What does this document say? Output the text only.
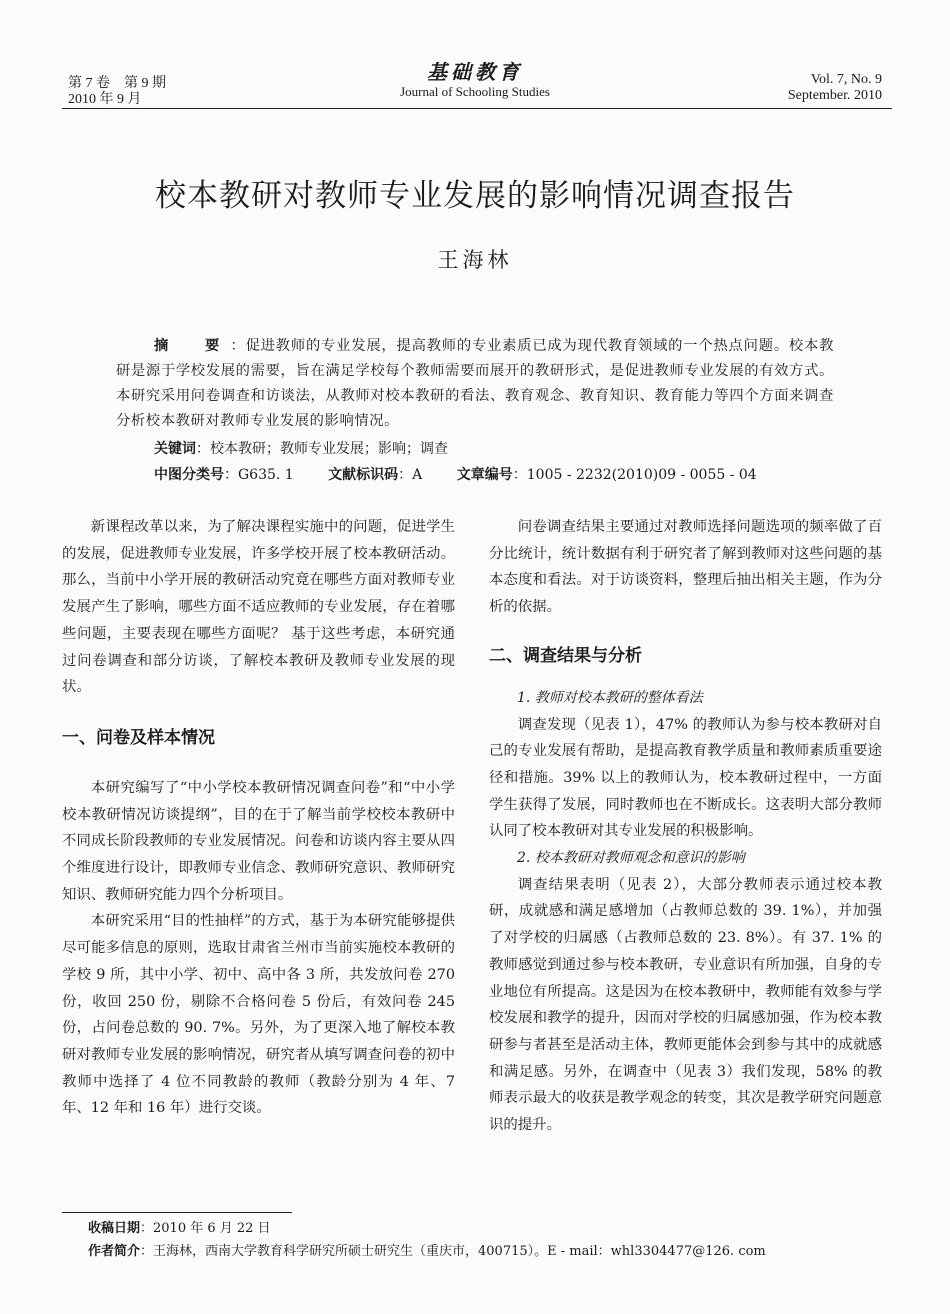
第 7 卷　第 9 期
2010 年 9 月
基础教育
Journal of Schooling Studies
Vol. 7, No. 9
September. 2010
校本教研对教师专业发展的影响情况调查报告
王海林
摘　要：促进教师的专业发展，提高教师的专业素质已成为现代教育领域的一个热点问题。校本教研是源于学校发展的需要，旨在满足学校每个教师需要而展开的教研形式，是促进教师专业发展的有效方式。本研究采用问卷调查和访谈法，从教师对校本教研的看法、教育观念、教育知识、教育能力等四个方面来调查分析校本教研对教师专业发展的影响情况。
关键词：校本教研；教师专业发展；影响；调查
中图分类号：G635. 1 文献标识码：A 文章编号：1005 - 2232(2010)09 - 0055 - 04

新课程改革以来，为了解决课程实施中的问题，促进学生的发展，促进教师专业发展，许多学校开展了校本教研活动。那么，当前中小学开展的教研活动究竟在哪些方面对教师专业发展产生了影响，哪些方面不适应教师的专业发展，存在着哪些问题，主要表现在哪些方面呢？ 基于这些考虑，本研究通过问卷调查和部分访谈，了解校本教研及教师专业发展的现状。

一、问卷及样本情况

本研究编写了“中小学校本教研情况调查问卷”和“中小学校本教研情况访谈提纲”，目的在于了解当前学校校本教研中不同成长阶段教师的专业发展情况。问卷和访谈内容主要从四个维度进行设计，即教师专业信念、教师研究意识、教师研究知识、教师研究能力四个分析项目。

本研究采用“目的性抽样”的方式，基于为本研究能够提供尽可能多信息的原则，选取甘肃省兰州市当前实施校本教研的学校 9 所，其中小学、初中、高中各 3 所，共发放问卷 270 份，收回 250 份，剔除不合格问卷 5 份后，有效问卷 245 份，占问卷总数的 90. 7%。另外，为了更深入地了解校本教研对教师专业发展的影响情况，研究者从填写调查问卷的初中教师中选择了 4 位不同教龄的教师（教龄分别为 4 年、7 年、12 年和 16 年）进行交谈。

问卷调查结果主要通过对教师选择问题选项的频率做了百分比统计，统计数据有利于研究者了解到教师对这些问题的基本态度和看法。对于访谈资料，整理后抽出相关主题，作为分析的依据。

二、调查结果与分析

1. 教师对校本教研的整体看法

调查发现（见表 1），47% 的教师认为参与校本教研对自己的专业发展有帮助，是提高教育教学质量和教师素质重要途径和措施。39% 以上的教师认为，校本教研过程中，一方面学生获得了发展，同时教师也在不断成长。这表明大部分教师认同了校本教研对其专业发展的积极影响。

2. 校本教研对教师观念和意识的影响

调查结果表明（见表 2），大部分教师表示通过校本教研，成就感和满足感增加（占教师总数的 39. 1%），并加强了对学校的归属感（占教师总数的 23. 8%）。有 37. 1% 的教师感觉到通过参与校本教研，专业意识有所加强，自身的专业地位有所提高。这是因为在校本教研中，教师能有效参与学校发展和教学的提升，因而对学校的归属感加强，作为校本教研参与者甚至是活动主体，教师更能体会到参与其中的成就感和满足感。另外，在调查中（见表 3）我们发现，58% 的教师表示最大的收获是教学观念的转变，其次是教学研究问题意识的提升。

收稿日期：2010 年 6 月 22 日
作者简介：王海林，西南大学教育科学研究所硕士研究生（重庆市，400715）。E - mail：whl3304477@126. com
